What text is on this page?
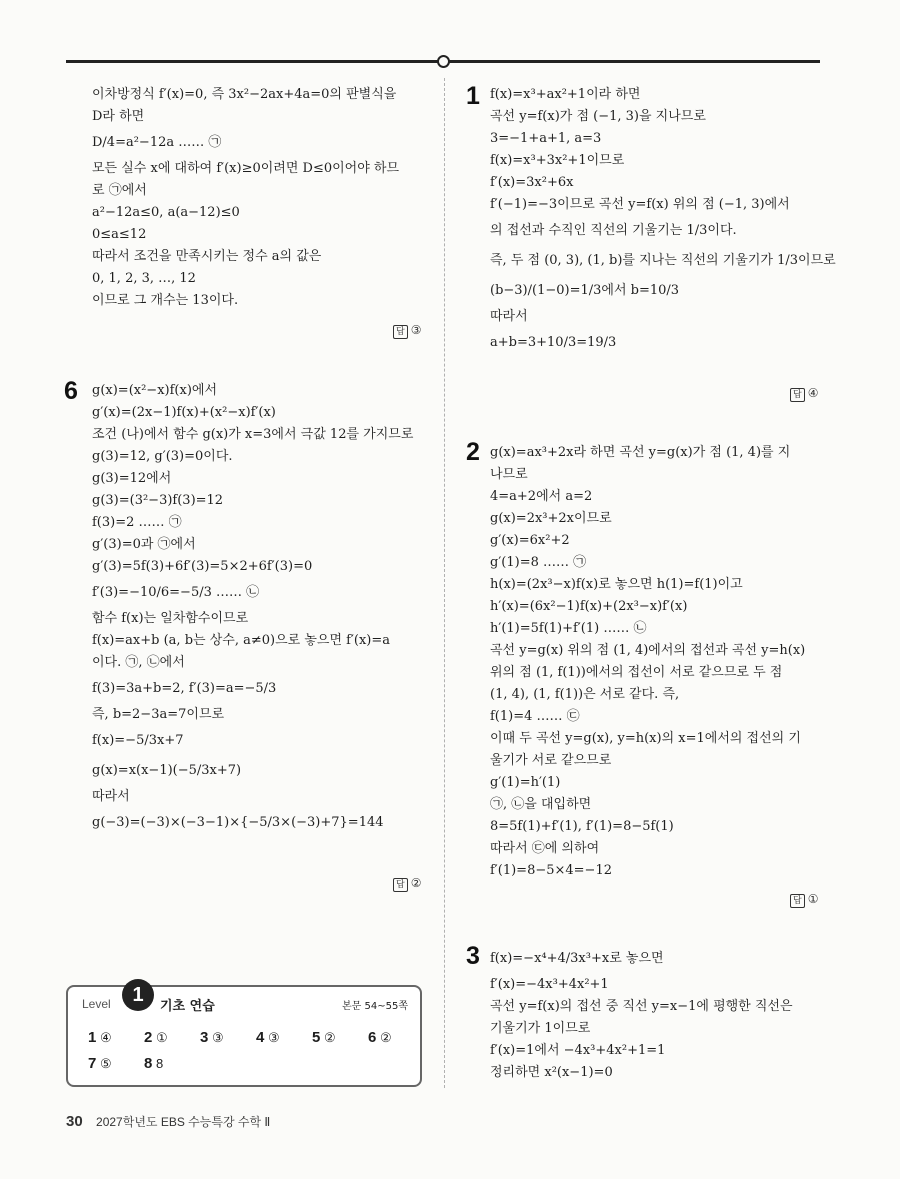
이차방정식 f′(x)=0, 즉 3x²−2ax+4a=0의 판별식을
D라 하면
D/4=a²−12a …… ㉠
모든 실수 x에 대하여 f′(x)≥0이려면 D≤0이어야 하므
로 ㉠에서
a²−12a≤0, a(a−12)≤0
0≤a≤12
따라서 조건을 만족시키는 정수 a의 값은
0, 1, 2, 3, …, 12
이므로 그 개수는 13이다.
답 ③
6 g(x)=(x²−x)f(x)에서
g′(x)=(2x−1)f(x)+(x²−x)f′(x)
조건 (나)에서 함수 g(x)가 x=3에서 극값 12를 가지므로
g(3)=12, g′(3)=0이다.
g(3)=12에서
g(3)=(3²−3)f(3)=12
f(3)=2 …… ㉠
g′(3)=0과 ㉠에서
g′(3)=5f(3)+6f′(3)=5×2+6f′(3)=0
f′(3)=−10/6=−5/3 …… ㉡
함수 f(x)는 일차함수이므로
f(x)=ax+b (a, b는 상수, a≠0)으로 놓으면 f′(x)=a
이다. ㉠, ㉡에서
f(3)=3a+b=2, f′(3)=a=−5/3
즉, b=2−3a=7이므로
f(x)=−5/3x+7
g(x)=x(x−1)(−5/3x+7)
따라서
g(−3)=(−3)×(−3−1)×{−5/3×(−3)+7}=144
답 ②
Level	1
기초 연습	본문 54~55쪽
1 ④ 2 ① 3 ③ 4 ③ 5 ② 6 ②
7 ⑤ 8 8
1 f(x)=x³+ax²+1이라 하면
곡선 y=f(x)가 점 (−1, 3)을 지나므로
3=−1+a+1, a=3
f(x)=x³+3x²+1이므로
f′(x)=3x²+6x
f′(−1)=−3이므로 곡선 y=f(x) 위의 점 (−1, 3)에서
의 접선과 수직인 직선의 기울기는 1/3이다.
즉, 두 점 (0, 3), (1, b)를 지나는 직선의 기울기가 1/3이므로
(b−3)/(1−0)=1/3에서 b=10/3
따라서
a+b=3+10/3=19/3
답 ④
2 g(x)=ax³+2x라 하면 곡선 y=g(x)가 점 (1, 4)를 지
나므로
4=a+2에서 a=2
g(x)=2x³+2x이므로
g′(x)=6x²+2
g′(1)=8 …… ㉠
h(x)=(2x³−x)f(x)로 놓으면 h(1)=f(1)이고
h′(x)=(6x²−1)f(x)+(2x³−x)f′(x)
h′(1)=5f(1)+f′(1) …… ㉡
곡선 y=g(x) 위의 점 (1, 4)에서의 접선과 곡선 y=h(x)
위의 점 (1, f(1))에서의 접선이 서로 같으므로 두 점
(1, 4), (1, f(1))은 서로 같다. 즉,
f(1)=4 …… ㉢
이때 두 곡선 y=g(x), y=h(x)의 x=1에서의 접선의 기
울기가 서로 같으므로
g′(1)=h′(1)
㉠, ㉡을 대입하면
8=5f(1)+f′(1), f′(1)=8−5f(1)
따라서 ㉢에 의하여
f′(1)=8−5×4=−12
답 ①
3 f(x)=−x⁴+4/3x³+x로 놓으면
f′(x)=−4x³+4x²+1
곡선 y=f(x)의 접선 중 직선 y=x−1에 평행한 직선은
기울기가 1이므로
f′(x)=1에서 −4x³+4x²+1=1
정리하면 x²(x−1)=0
30 2027학년도 EBS 수능특강 수학 Ⅱ
